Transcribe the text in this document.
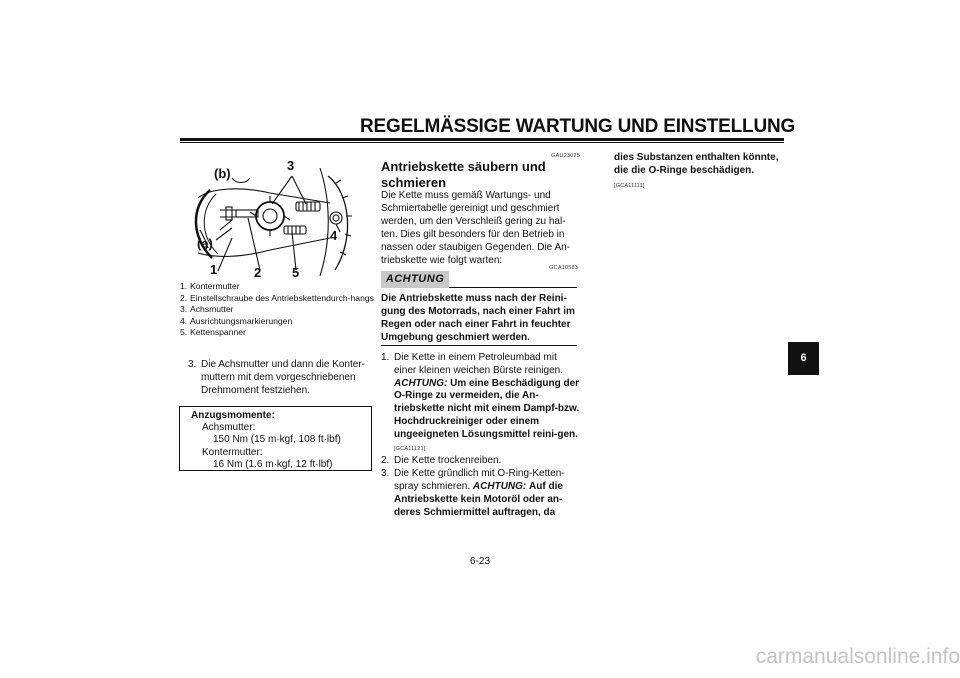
REGELMÄSSIGE WARTUNG UND EINSTELLUNG
(b)
(a)
1	2
3
4
5
1. Kontermutter
2. Einstellschraube des Antriebskettendurch-hangs
3. Achsmutter
4. Ausrichtungsmarkierungen
5. Kettenspanner
3. Die Achsmutter und dann die Konter-muttern mit dem vorgeschriebenen Drehmoment festziehen.
Anzugsmomente:
Achsmutter:
150 Nm (15 m·kgf, 108 ft·lbf)
Kontermutter:
16 Nm (1.6 m·kgf, 12 ft·lbf)
GAU23025
Antriebskette säubern und schmieren
Die Kette muss gemäß Wartungs- und Schmiertabelle gereinigt und geschmiert werden, um den Verschleiß gering zu hal-ten. Dies gilt besonders für den Betrieb in nassen oder staubigen Gegenden. Die An-triebskette wie folgt warten:
GCA10583
ACHTUNG
Die Antriebskette muss nach der Reini-gung des Motorrads, nach einer Fahrt im Regen oder nach einer Fahrt in feuchter Umgebung geschmiert werden.
1. Die Kette in einem Petroleumbad mit einer kleinen weichen Bürste reinigen. ACHTUNG: Um eine Beschädigung der O-Ringe zu vermeiden, die An-triebskette nicht mit einem Dampf-bzw. Hochdruckreiniger oder einem ungeeigneten Lösungsmittel reini-gen. [GCA11121]
2. Die Kette trockenreiben.
3. Die Kette gründlich mit O-Ring-Ketten-spray schmieren. ACHTUNG: Auf die Antriebskette kein Motoröl oder an-deres Schmiermittel auftragen, da
dies Substanzen enthalten könnte, die die O-Ringe beschädigen.
[GCA11111]
6
6-23
carmanualsonline.info
